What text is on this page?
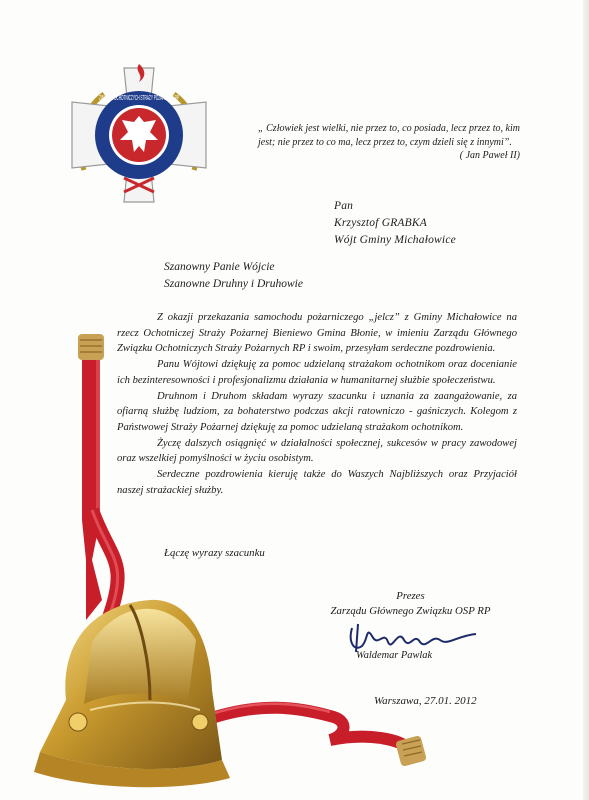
ZWIĄZEK OCHOTNICZYCH STRAŻY POŻARNYCH RP
„ Człowiek jest wielki, nie przez to, co posiada, lecz przez to, kim jest; nie przez to co ma, lecz przez to, czym dzieli się z innymi”.
( Jan Paweł II)
Pan
Krzysztof GRABKA
Wójt Gminy Michałowice
Szanowny Panie Wójcie
Szanowne Druhny i Druhowie

Z okazji przekazania samochodu pożarniczego „jelcz” z Gminy Michałowice na rzecz Ochotniczej Straży Pożarnej Bieniewo Gmina Błonie, w imieniu Zarządu Głównego Związku Ochotniczych Straży Pożarnych RP i swoim, przesyłam serdeczne pozdrowienia.

Panu Wójtowi dziękuję za pomoc udzielaną strażakom ochotnikom oraz docenianie ich bezinteresowności i profesjonalizmu działania w humanitarnej służbie społeczeństwu.

Druhnom i Druhom składam wyrazy szacunku i uznania za zaangażowanie, za ofiarną służbę ludziom, za bohaterstwo podczas akcji ratowniczo - gaśniczych. Kolegom z Państwowej Straży Pożarnej dziękuję za pomoc udzielaną strażakom ochotnikom.

Życzę dalszych osiągnięć w działalności społecznej, sukcesów w pracy zawodowej oraz wszelkiej pomyślności w życiu osobistym.

Serdeczne pozdrowienia kieruję także do Waszych Najbliższych oraz Przyjaciół naszej strażackiej służby.

Łączę wyrazy szacunku
Prezes
Zarządu Głównego Związku OSP RP
Waldemar Pawlak
Warszawa, 27.01. 2012
